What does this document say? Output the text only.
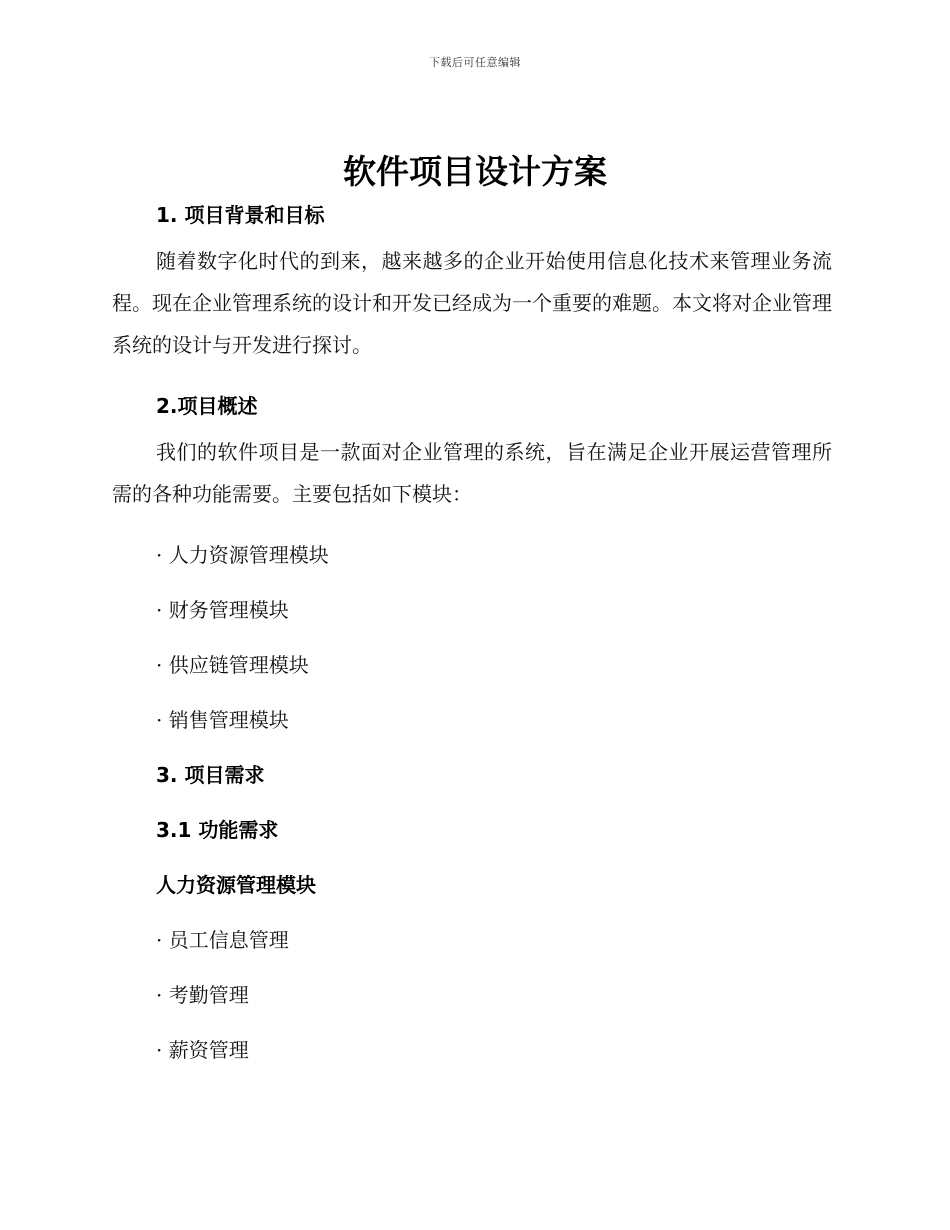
下载后可任意编辑
软件项目设计方案

1. 项目背景和目标

随着数字化时代的到来，越来越多的企业开始使用信息化技术来管理业务流程。现在企业管理系统的设计和开发已经成为一个重要的难题。本文将对企业管理系统的设计与开发进行探讨。

2.项目概述

我们的软件项目是一款面对企业管理的系统，旨在满足企业开展运营管理所需的各种功能需要。主要包括如下模块：

· 人力资源管理模块

· 财务管理模块

· 供应链管理模块

· 销售管理模块

3. 项目需求

3.1 功能需求

人力资源管理模块

· 员工信息管理

· 考勤管理

· 薪资管理
